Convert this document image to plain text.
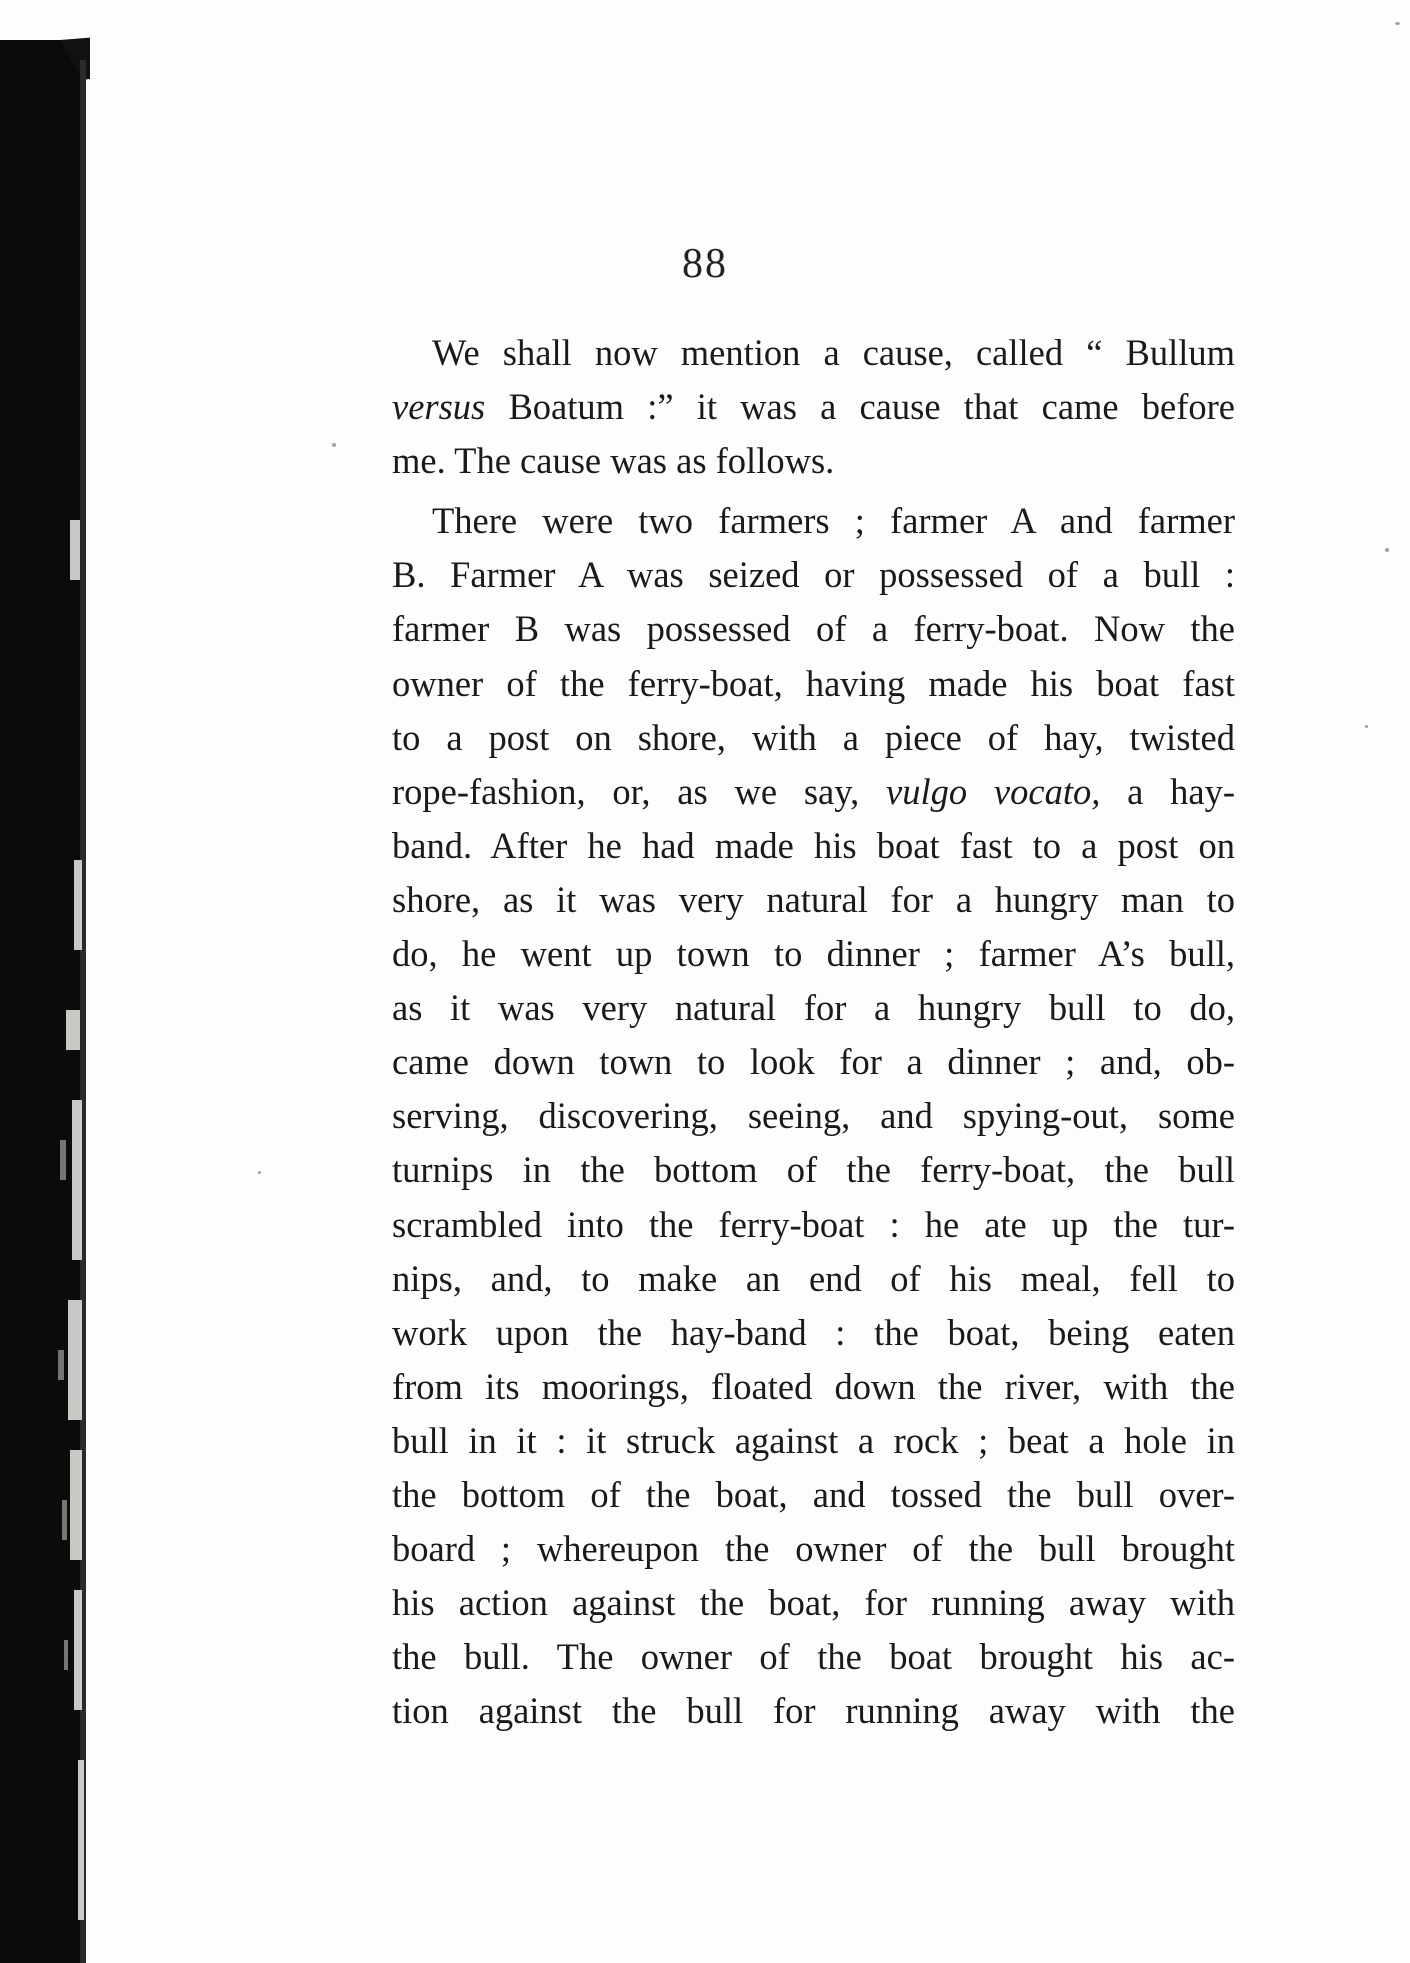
88

We shall now mention a cause, called “ Bullum
versus Boatum :” it was a cause that came before
me. The cause was as follows.

There were two farmers ; farmer A and farmer
B. Farmer A was seized or possessed of a bull :
farmer B was possessed of a ferry-boat. Now the
owner of the ferry-boat, having made his boat fast
to a post on shore, with a piece of hay, twisted
rope-fashion, or, as we say, vulgo vocato, a hay-
band. After he had made his boat fast to a post on
shore, as it was very natural for a hungry man to
do, he went up town to dinner ; farmer A’s bull,
as it was very natural for a hungry bull to do,
came down town to look for a dinner ; and, ob-
serving, discovering, seeing, and spying-out, some
turnips in the bottom of the ferry-boat, the bull
scrambled into the ferry-boat : he ate up the tur-
nips, and, to make an end of his meal, fell to
work upon the hay-band : the boat, being eaten
from its moorings, floated down the river, with the
bull in it : it struck against a rock ; beat a hole in
the bottom of the boat, and tossed the bull over-
board ; whereupon the owner of the bull brought
his action against the boat, for running away with
the bull. The owner of the boat brought his ac-
tion against the bull for running away with the
